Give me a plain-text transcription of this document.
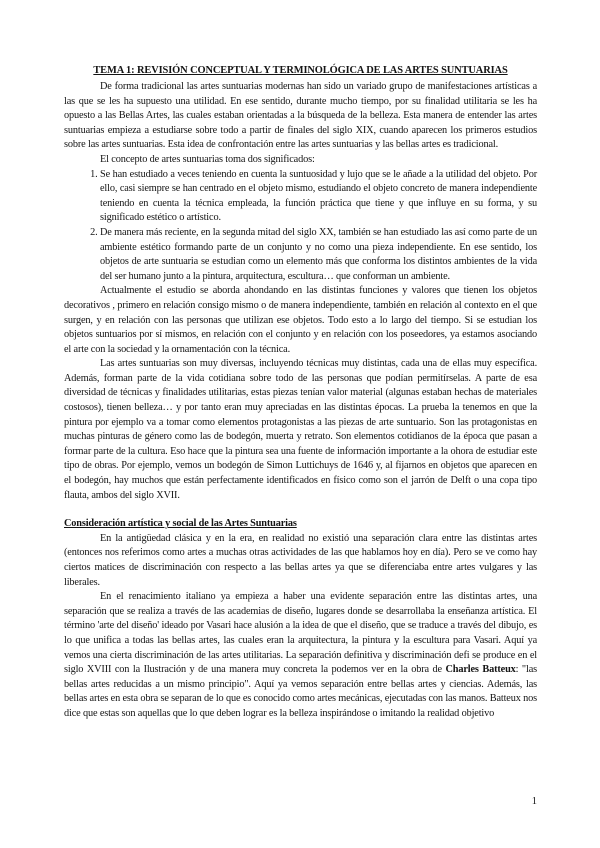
TEMA 1: REVISIÓN CONCEPTUAL Y TERMINOLÓGICA DE LAS ARTES SUNTUARIAS

De forma tradicional las artes suntuarias modernas han sido un variado grupo de manifestaciones artísticas a las que se les ha supuesto una utilidad. En ese sentido, durante mucho tiempo, por su finalidad utilitaria se les ha opuesto a las Bellas Artes, las cuales estaban orientadas a la búsqueda de la belleza. Esta manera de entender las artes suntuarias empieza a estudiarse sobre todo a partir de finales del siglo XIX, cuando aparecen los primeros estudios sobre las artes suntuarias. Esta idea de confrontación entre las artes suntuarias y las bellas artes es tradicional.

El concepto de artes suntuarias toma dos significados:

1. Se han estudiado a veces teniendo en cuenta la suntuosidad y lujo que se le añade a la utilidad del objeto. Por ello, casi siempre se han centrado en el objeto mismo, estudiando el objeto concreto de manera independiente teniendo en cuenta la técnica empleada, la función práctica que tiene y que influye en su forma, y su significado estético o artístico.
2. De manera más reciente, en la segunda mitad del siglo XX, también se han estudiado las así como parte de un ambiente estético formando parte de un conjunto y no como una pieza independiente. En ese sentido, los objetos de arte suntuaria se estudian como un elemento más que conforma los distintos ambientes de la vida del ser humano junto a la pintura, arquitectura, escultura… que conforman un ambiente.

Actualmente el estudio se aborda ahondando en las distintas funciones y valores que tienen los objetos decorativos , primero en relación consigo mismo o de manera independiente, también en relación al contexto en el que surgen, y en relación con las personas que utilizan ese objetos. Todo esto a lo largo del tiempo. Si se estudian los objetos suntuarios por sí mismos, en relación con el conjunto y en relación con los poseedores, ya estamos asociando el arte con la sociedad y la ornamentación con la técnica.

Las artes suntuarias son muy diversas, incluyendo técnicas muy distintas, cada una de ellas muy específica. Además, forman parte de la vida cotidiana sobre todo de las personas que podían permitírselas. A parte de esa diversidad de técnicas y finalidades utilitarias, estas piezas tenían valor material (algunas estaban hechas de materiales costosos), tienen belleza… y por tanto eran muy apreciadas en las distintas épocas. La prueba la tenemos en que la pintura por ejemplo va a tomar como elementos protagonistas a las piezas de arte suntuario. Son las protagonistas en muchas pinturas de género como las de bodegón, muerta y retrato. Son elementos cotidianos de la época que pasan a formar parte de la cultura. Eso hace que la pintura sea una fuente de información importante a la ohora de estudiar este tipo de obras. Por ejemplo, vemos un bodegón de Simon Luttichuys de 1646 y, al fijarnos en objetos que aparecen en el bodegón, hay muchos que están perfectamente identificados en físico como son el jarrón de Delft o una copa tipo flauta, ambos del siglo XVII.

Consideración artística y social de las Artes Suntuarias

En la antigüedad clásica y en la era, en realidad no existió una separación clara entre las distintas artes (entonces nos referimos como artes a muchas otras actividades de las que hablamos hoy en día). Pero se ve como hay ciertos matices de discriminación con respecto a las bellas artes ya que se diferenciaba entre artes vulgares y las liberales.

En el renacimiento italiano ya empieza a haber una evidente separación entre las distintas artes, una separación que se realiza a través de las academias de diseño, lugares donde se desarrollaba la enseñanza artística. El término 'arte del diseño' ideado por Vasari hace alusión a la idea de que el diseño, que se traduce a través del dibujo, es lo que unifica a todas las bellas artes, las cuales eran la arquitectura, la pintura y la escultura para Vasari. Aquí ya vemos una cierta discriminación de las artes utilitarias. La separación definitiva y discriminación defi se produce en el siglo XVIII con la Ilustración y de una manera muy concreta la podemos ver en la obra de Charles Batteux: "las bellas artes reducidas a un mismo principio". Aquí ya vemos separación entre bellas artes y ciencias. Además, las bellas artes en esta obra se separan de lo que es conocido como artes mecánicas, ejecutadas con las manos. Batteux nos dice que estas son aquellas que lo que deben lograr es la belleza inspirándose o imitando la realidad objetivo

1
